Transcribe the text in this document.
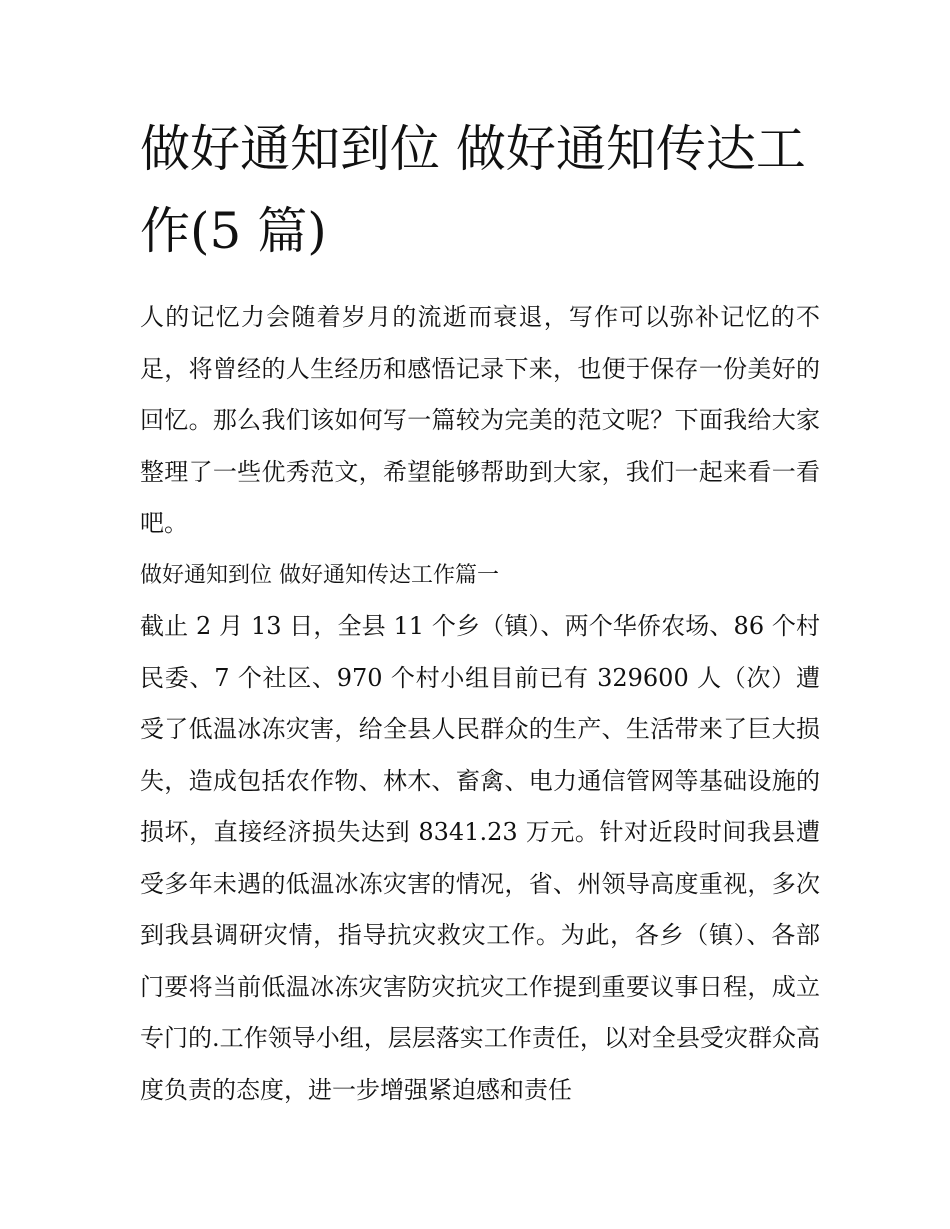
做好通知到位 做好通知传达工作(5 篇)

人的记忆力会随着岁月的流逝而衰退，写作可以弥补记忆的不足，将曾经的人生经历和感悟记录下来，也便于保存一份美好的回忆。那么我们该如何写一篇较为完美的范文呢？下面我给大家整理了一些优秀范文，希望能够帮助到大家，我们一起来看一看吧。

做好通知到位 做好通知传达工作篇一

截止 2 月 13 日，全县 11 个乡（镇）、两个华侨农场、86 个村民委、7 个社区、970 个村小组目前已有 329600 人（次）遭受了低温冰冻灾害，给全县人民群众的生产、生活带来了巨大损失，造成包括农作物、林木、畜禽、电力通信管网等基础设施的损坏，直接经济损失达到 8341.23 万元。针对近段时间我县遭受多年未遇的低温冰冻灾害的情况，省、州领导高度重视，多次到我县调研灾情，指导抗灾救灾工作。为此，各乡（镇）、各部门要将当前低温冰冻灾害防灾抗灾工作提到重要议事日程，成立专门的.工作领导小组，层层落实工作责任，以对全县受灾群众高度负责的态度，进一步增强紧迫感和责任
